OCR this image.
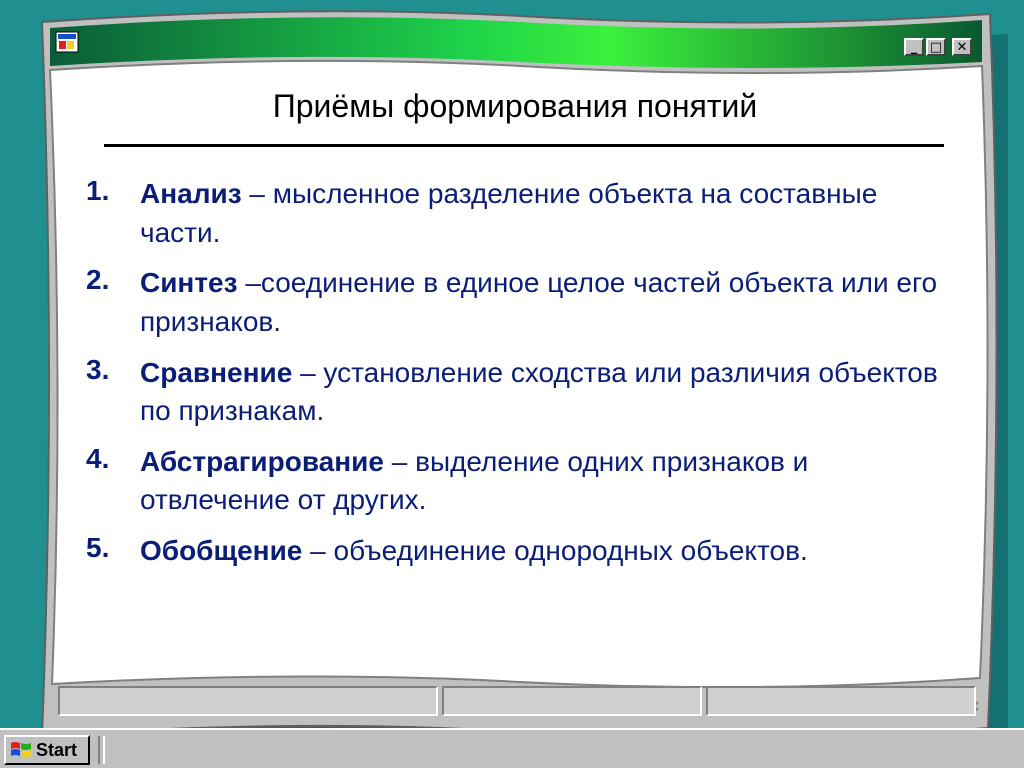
_ □ ✕
Приёмы формирования понятий
1.	Анализ – мысленное разделение объекта на составные части.
2.	Синтез –соединение в единое целое частей объекта или его признаков.
3.	Сравнение – установление сходства или различия объектов по признакам.
4.	Абстрагирование – выделение одних признаков и отвлечение от других.
5.	Обобщение – объединение однородных объектов.
Start
